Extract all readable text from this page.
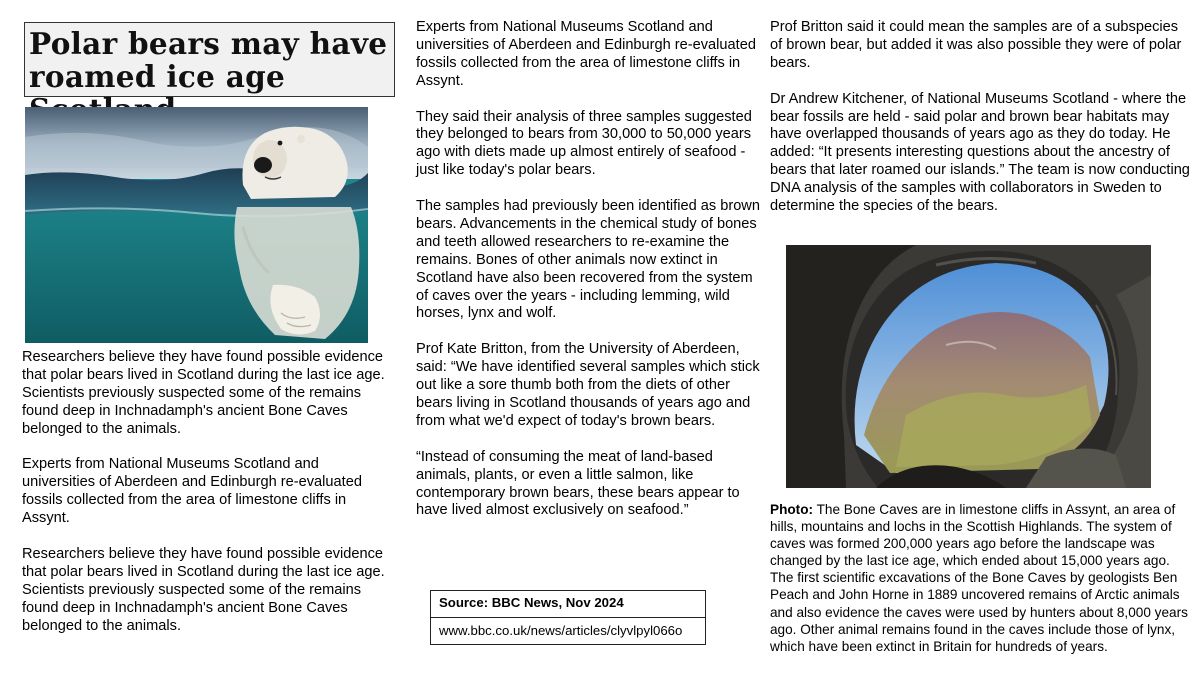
Polar bears may have
roamed ice age

Researchers believe they have found possible evidence that polar bears lived in Scotland during the last ice age. Scientists previously suspected some of the remains found deep in Inchnadamph's ancient Bone Caves belonged to the animals.

Experts from National Museums Scotland and universities of Aberdeen and Edinburgh re-evaluated fossils collected from the area of limestone cliffs in Assynt.

Researchers believe they have found possible evidence that polar bears lived in Scotland during the last ice age. Scientists previously suspected some of the remains found deep in Inchnadamph's ancient Bone Caves belonged to the animals.

Experts from National Museums Scotland and universities of Aberdeen and Edinburgh re-evaluated fossils collected from the area of limestone cliffs in Assynt.

They said their analysis of three samples suggested they belonged to bears from 30,000 to 50,000 years ago with diets made up almost entirely of seafood - just like today's polar bears.

The samples had previously been identified as brown bears. Advancements in the chemical study of bones and teeth allowed researchers to re-examine the remains. Bones of other animals now extinct in Scotland have also been recovered from the system of caves over the years - including lemming, wild horses, lynx and wolf.

Prof Kate Britton, from the University of Aberdeen, said: “We have identified several samples which stick out like a sore thumb both from the diets of other bears living in Scotland thousands of years ago and from what we'd expect of today's brown bears.

“Instead of consuming the meat of land-based animals, plants, or even a little salmon, like contemporary brown bears, these bears appear to have lived almost exclusively on seafood.”

Prof Britton said it could mean the samples are of a subspecies of brown bear, but added it was also possible they were of polar bears.

Dr Andrew Kitchener, of National Museums Scotland - where the bear fossils are held - said polar and brown bear habitats may have overlapped thousands of years ago as they do today. He added: “It presents interesting questions about the ancestry of bears that later roamed our islands.” The team is now conducting DNA analysis of the samples with collaborators in Sweden to determine the species of the bears.

Photo: The Bone Caves are in limestone cliffs in Assynt, an area of hills, mountains and lochs in the Scottish Highlands. The system of caves was formed 200,000 years ago before the landscape was changed by the last ice age, which ended about 15,000 years ago. The first scientific excavations of the Bone Caves by geologists Ben Peach and John Horne in 1889 uncovered remains of Arctic animals and also evidence the caves were used by hunters about 8,000 years ago. Other animal remains found in the caves include those of lynx, which have been extinct in Britain for hundreds of years.
Source: BBC News, Nov 2024
www.bbc.co.uk/news/articles/clyvlpyl066o
